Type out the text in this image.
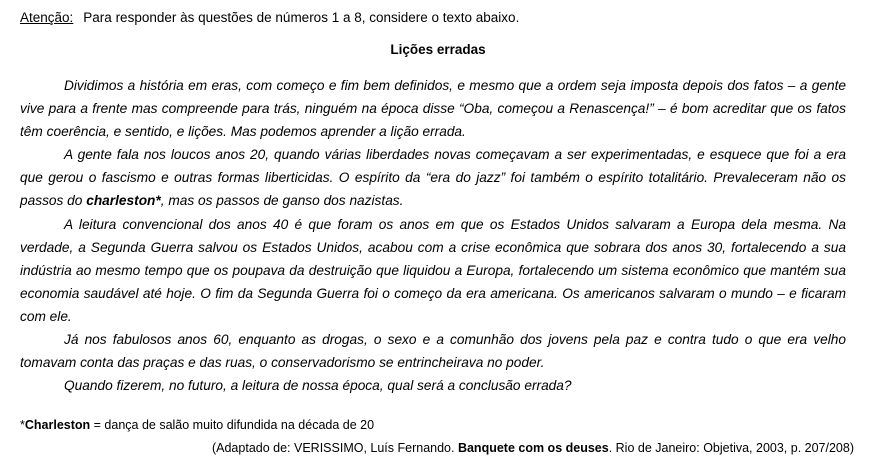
Atenção: Para responder às questões de números 1 a 8, considere o texto abaixo.
Lições erradas

Dividimos a história em eras, com começo e fim bem definidos, e mesmo que a ordem seja imposta depois dos fatos – a gente vive para a frente mas compreende para trás, ninguém na época disse “Oba, começou a Renascença!” – é bom acreditar que os fatos têm coerência, e sentido, e lições. Mas podemos aprender a lição errada.

A gente fala nos loucos anos 20, quando várias liberdades novas começavam a ser experimentadas, e esquece que foi a era que gerou o fascismo e outras formas liberticidas. O espírito da “era do jazz” foi também o espírito totalitário. Prevaleceram não os passos do charleston*, mas os passos de ganso dos nazistas.

A leitura convencional dos anos 40 é que foram os anos em que os Estados Unidos salvaram a Europa dela mesma. Na verdade, a Segunda Guerra salvou os Estados Unidos, acabou com a crise econômica que sobrara dos anos 30, fortalecendo a sua indústria ao mesmo tempo que os poupava da destruição que liquidou a Europa, fortalecendo um sistema econômico que mantém sua economia saudável até hoje. O fim da Segunda Guerra foi o começo da era americana. Os americanos salvaram o mundo – e ficaram com ele.

Já nos fabulosos anos 60, enquanto as drogas, o sexo e a comunhão dos jovens pela paz e contra tudo o que era velho tomavam conta das praças e das ruas, o conservadorismo se entrincheirava no poder.

Quando fizerem, no futuro, a leitura de nossa época, qual será a conclusão errada?

*Charleston = dança de salão muito difundida na década de 20
(Adaptado de: VERISSIMO, Luís Fernando. Banquete com os deuses. Rio de Janeiro: Objetiva, 2003, p. 207/208)
